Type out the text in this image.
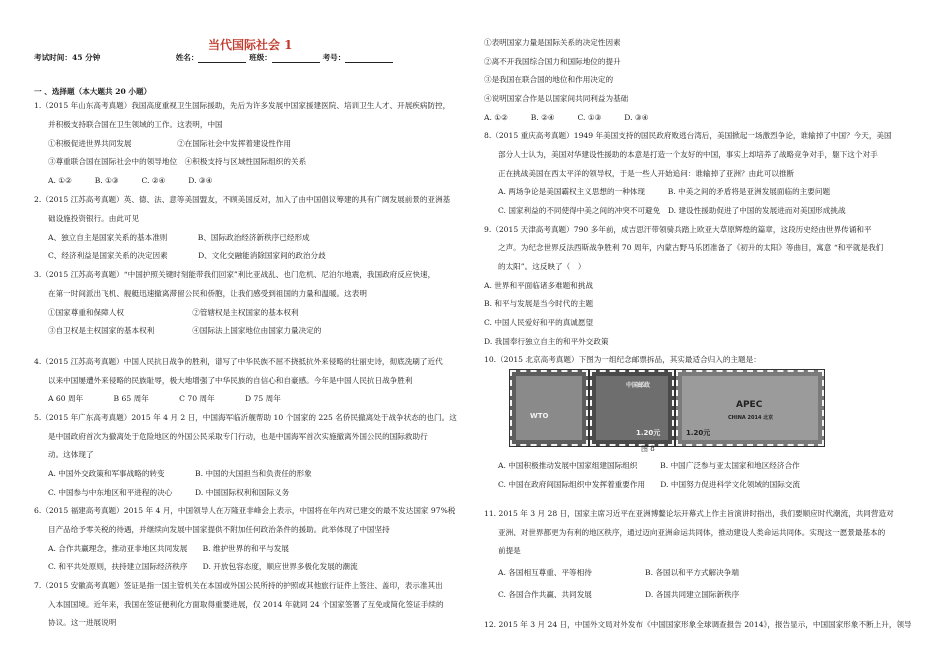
当代国际社会 1
考试时间：45 分钟	姓名：	班级：	考号：
一 、选择题（本大题共 20 小题）
1.（2015 年山东高考真题）我国高度重视卫生国际援助，先后为许多发展中国家援建医院、培训卫生人才、开展疾病防控，
并积极支持联合国在卫生领域的工作。这表明，中国
①积极促进世界共同发展　　　　　　②在国际社会中发挥着建设性作用
③尊重联合国在国际社会中的领导地位　④积极支持与区域性国际组织的关系
A. ①②　　　B. ①③　　　C. ②④　　　D. ③④
2.（2015 江苏高考真题）英、德、法、意等美国盟友，不顾美国反对，加入了由中国倡议筹建的具有广阔发展前景的亚洲基
础设施投资银行。由此可见
A、独立自主是国家关系的基本准则　　　　B、国际政治经济新秩序已经形成
C、经济利益是国家关系的决定因素　　　　D、文化交融能消除国家间的政治分歧
3.（2015 江苏高考真题）“中国护照关键时刻能带我们回家”利比亚战乱、也门危机、尼泊尔地震，我国政府反应快速，
在第一时间派出飞机、舰艇迅速撤离滞留公民和侨胞，让我们感受到祖国的力量和温暖。这表明
①国家尊重和保障人权　　　　　　　　　②管辖权是主权国家的基本权利
③自卫权是主权国家的基本权利　　　　　④国际法上国家地位由国家力量决定的
4.（2015 江苏高考真题）中国人民抗日战争的胜利，谱写了中华民族不屈不挠抵抗外来侵略的壮丽史诗，彻底洗刷了近代
以来中国屡遭外来侵略的民族耻辱，极大地增强了中华民族的自信心和自豪感。今年是中国人民抗日战争胜利
A 60 周年　　　　B 65 周年　　　　C 70 周年　　　　D 75 周年
5.（2015 年广东高考真题）2015 年 4 月 2 日，中国海军临沂舰帮助 10 个国家的 225 名侨民撤离处于战争状态的也门。这
是中国政府首次为撤离处于危险地区的外国公民采取专门行动，也是中国海军首次实施撤离外国公民的国际救助行
动。这体现了
A. 中国外交政策和军事战略的转变　　　　B. 中国的大国担当和负责任的形象
C. 中国参与中东地区和平进程的决心　　　D. 中国国际权利和国际义务
6.（2015 福建高考真题）2015 年 4 月，中国领导人在万隆亚非峰会上表示，中国将在年内对已建交的最不发达国家 97%税
目产品给予零关税的待遇，并继续向发展中国家提供不附加任何政治条件的援助。此举体现了中国坚持
A. 合作共赢理念，推动亚非地区共同发展　　B. 维护世界的和平与发展
C. 和平共处原则，扶持建立国际经济秩序　　D. 开放包容态度，顺应世界多极化发展的潮流
7.（2015 安徽高考真题）签证是指一国主管机关在本国或外国公民所持的护照或其他旅行证件上签注、盖印，表示准其出
入本国国境。近年来，我国在签证便利化方面取得重要进展，仅 2014 年就同 24 个国家签署了互免或简化签证手续的
协议。这一进展说明
①表明国家力量是国际关系的决定性因素
②离不开我国综合国力和国际地位的提升
③是我国在联合国的地位和作用决定的
④说明国家合作是以国家间共同利益为基础
A. ①②　　　B. ②④　　　C. ①③　　　D. ③④
8.（2015 重庆高考真题）1949 年美国支持的国民政府败逃台湾后，美国掀起一场激烈争论，谁输掉了中国？今天，美国
部分人士认为，美国对华建设性援助的本意是打造一个友好的中国，事实上却培养了战略竞争对手，躯下这个对手
正在挑战美国在西太平洋的领导权，于是一些人开始追问：谁输掉了亚洲？由此可以推断
A. 两场争论是美国霸权主义思想的一种体现　　　B. 中美之间的矛盾将是亚洲发展面临的主要问题
C. 国家利益的不同使得中美之间的冲突不可避免　D. 建设性援助促进了中国的发展进而对美国形成挑战
9.（2015 天津高考真题）790 多年前，成吉思汗带领骑兵踏上欧亚大草原辉煌的篇章，这段历史经由世界传诵和平
之声。为纪念世界反法西斯战争胜利 70 周年，内蒙古野马乐团准备了《初升的太阳》等曲目，寓意 “和平就是我们
的太阳”。这反映了（　）
A. 世界和平面临诸多难题和挑战
B. 和平与发展是当今时代的主题
C. 中国人民爱好和平的真诚愿望
D. 我国奉行独立自主的和平外交政策
10.（2015 北京高考真题）下图为一组纪念邮票拆品，其实最适合归入的主题是：
WTO
中国邮政
1.20元
APEC
CHINA 2014 北京
1.20元
图 8
A. 中国积极推动发展中国家组建国际组织　　　B. 中国广泛参与亚太国家和地区经济合作
C. 中国在政府间国际组织中发挥着重要作用　　D. 中国努力促进科学文化领域的国际交流
11. 2015 年 3 月 28 日，国家主席习近平在亚洲博鳌论坛开幕式上作主旨演讲时指出，我们要顺应时代潮流，共同营造对
亚洲、对世界都更为有利的地区秩序，通过迈向亚洲命运共同体，推动建设人类命运共同体。实现这一愿景最基本的
前提是
A. 各国相互尊重、平等相待　　　　　　　B. 各国以和平方式解决争端
C. 各国合作共赢、共同发展　　　　　　　D. 各国共同建立国际新秩序
12. 2015 年 3 月 24 日，中国外文局对外发布《中国国家形象全球调查报告 2014》，报告显示，中国国家形象不断上升，领导
